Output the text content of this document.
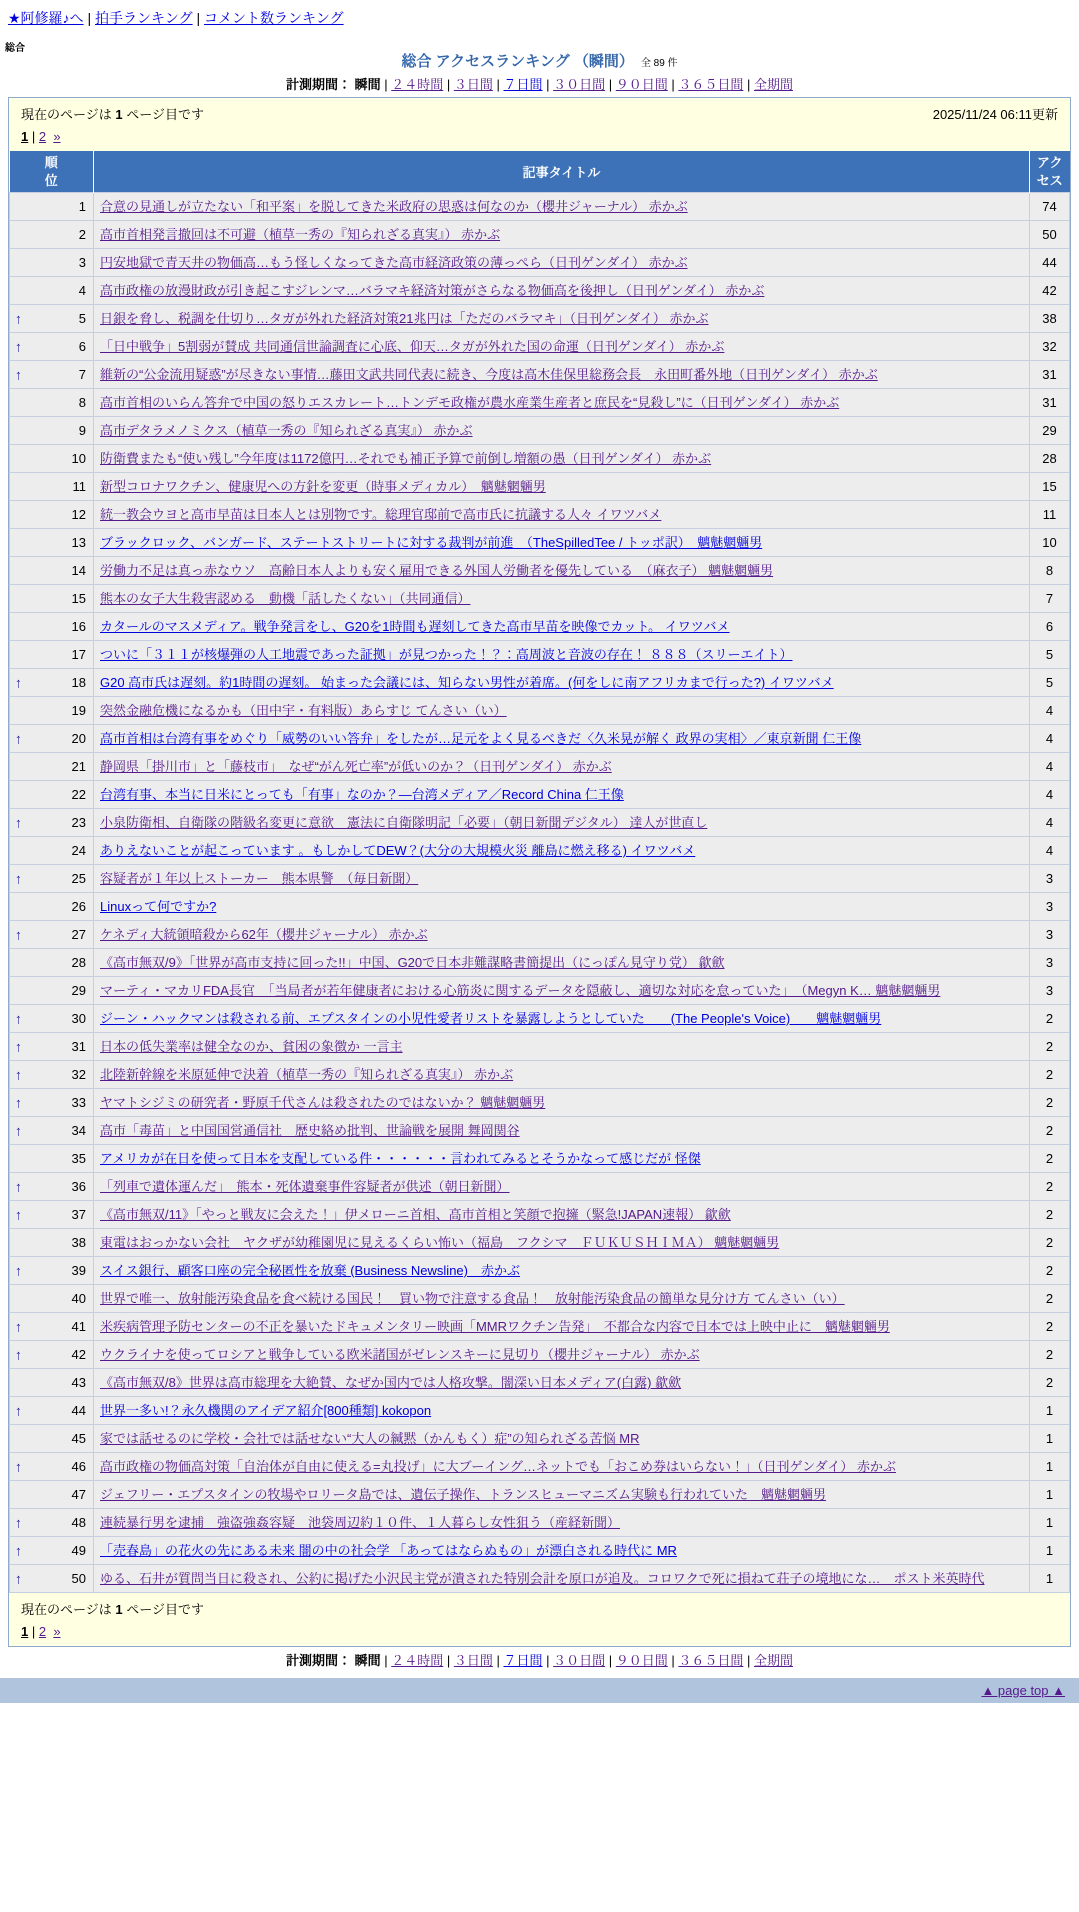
★阿修羅♪へ | 拍手ランキング | コメント数ランキング
総合
総合 アクセスランキング （瞬間） 全 89 件
計測期間： 瞬間 | ２４時間 | ３日間 | ７日間 | ３０日間 | ９０日間 | ３６５日間 | 全期間
現在のページは 1 ページ目です	2025/11/24 06:11更新
1 | 2 »
順位	記事タイトル	アクセス
1	合意の見通しが立たない「和平案」を脱してきた米政府の思惑は何なのか（櫻井ジャーナル） 赤かぶ	74
2	高市首相発言撤回は不可避（植草一秀の『知られざる真実』） 赤かぶ	50
3	円安地獄で青天井の物価高…もう怪しくなってきた高市経済政策の薄っぺら（日刊ゲンダイ） 赤かぶ	44
4	高市政権の放漫財政が引き起こすジレンマ…バラマキ経済対策がさらなる物価高を後押し（日刊ゲンダイ） 赤かぶ	42

↑ 5	日銀を脅し、税調を仕切り…タガが外れた経済対策21兆円は「ただのバラマキ」（日刊ゲンダイ） 赤かぶ	38

↑ 6	「日中戦争」5割弱が賛成 共同通信世論調査に心底、仰天…タガが外れた国の命運（日刊ゲンダイ） 赤かぶ	32

↑ 7	維新の“公金流用疑惑”が尽きない事情…藤田文武共同代表に続き、今度は高木佳保里総務会長　永田町番外地（日刊ゲンダイ） 赤かぶ	31
8	高市首相のいらん答弁で中国の怒りエスカレート…トンデモ政権が農水産業生産者と庶民を“見殺し”に（日刊ゲンダイ） 赤かぶ	31
9	高市デタラメノミクス（植草一秀の『知られざる真実』） 赤かぶ	29
10	防衛費またも“使い残し”今年度は1172億円…それでも補正予算で前倒し増額の愚（日刊ゲンダイ） 赤かぶ	28
11	新型コロナワクチン、健康児への方針を変更（時事メディカル）　魑魅魍魎男	15
12	統一教会ウヨと高市早苗は日本人とは別物です。総理官邸前で高市氏に抗議する人々 イワツバメ	11
13	ブラックロック、バンガード、ステートストリートに対する裁判が前進　（TheSpilledTee / トッポ訳）　魑魅魍魎男	10
14	労働力不足は真っ赤なウソ　高齢日本人よりも安く雇用できる外国人労働者を優先している　（麻衣子） 魑魅魍魎男	8
15	熊本の女子大生殺害認める　動機「話したくない」（共同通信）	7
16	カタールのマスメディア。戦争発言をし、G20を1時間も遅刻してきた高市早苗を映像でカット。 イワツバメ	6
17	ついに「３１１が核爆弾の人工地震であった証拠」が見つかった！？：高周波と音波の存在！ ８８８（スリーエイト）	5

↑ 18	G20 高市氏は遅刻。約1時間の遅刻。 始まった会議には、知らない男性が着席。(何をしに南アフリカまで行った?) イワツバメ	5
19	突然金融危機になるかも（田中宇・有料版）あらすじ てんさい（い）	4

↑ 20	高市首相は台湾有事をめぐり「威勢のいい答弁」をしたが…足元をよく見るべきだ〈久米晃が解く 政界の実相〉／東京新聞 仁王像	4
21	静岡県「掛川市」と「藤枝市」　なぜ“がん死亡率”が低いのか？（日刊ゲンダイ） 赤かぶ	4
22	台湾有事、本当に日米にとっても「有事」なのか？―台湾メディア／Record China 仁王像	4

↑ 23	小泉防衛相、自衛隊の階級名変更に意欲　憲法に自衛隊明記「必要」（朝日新聞デジタル） 達人が世直し	4
24	ありえないことが起こっています 。もしかしてDEW？(大分の大規模火災 離島に燃え移る) イワツバメ	4

↑ 25	容疑者が１年以上ストーカー　熊本県警　（毎日新聞）	3
26	Linuxって何ですか?	3

↑ 27	ケネディ大統領暗殺から62年（櫻井ジャーナル） 赤かぶ	3
28	《高市無双/9》「世界が高市支持に回った!!」中国、G20で日本非難謀略書簡提出（にっぽん見守り党） 歙歛	3
29	マーティ・マカリFDA長官　「当局者が若年健康者における心筋炎に関するデータを隠蔽し、適切な対応を怠っていた」　（Megyn K… 魑魅魍魎男	3

↑ 30	ジーン・ハックマンは殺される前、エプスタインの小児性愛者リストを暴露しようとしていた　　(The People's Voice)　　魑魅魍魎男	2

↑ 31	日本の低失業率は健全なのか、貧困の象徴か 一言主	2

↑ 32	北陸新幹線を米原延伸で決着（植草一秀の『知られざる真実』） 赤かぶ	2

↑ 33	ヤマトシジミの研究者・野原千代さんは殺されたのではないか？ 魑魅魍魎男	2

↑ 34	高市「毒苗」と中国国営通信社　歴史絡め批判、世論戦を展開 舞岡関谷	2
35	アメリカが在日を使って日本を支配している件・・・・・・言われてみるとそうかなって感じだが 怪傑	2

↑ 36	「列車で遺体運んだ」　熊本・死体遺棄事件容疑者が供述（朝日新聞）	2

↑ 37	《高市無双/11》「やっと戦友に会えた！」伊メローニ首相、高市首相と笑顔で抱擁（緊急!JAPAN速報） 歙歛	2
38	東電はおっかない会社　ヤクザが幼稚園児に見えるくらい怖い（福島　フクシマ　ＦＵＫＵＳＨＩＭＡ） 魑魅魍魎男	2

↑ 39	スイス銀行、顧客口座の完全秘匿性を放棄 (Business Newsline)　赤かぶ	2
40	世界で唯一、放射能汚染食品を食べ続ける国民！　買い物で注意する食品！　放射能汚染食品の簡単な見分け方 てんさい（い）	2

↑ 41	米疾病管理予防センターの不正を暴いたドキュメンタリー映画「MMRワクチン告発」　不都合な内容で日本では上映中止に　魑魅魍魎男	2

↑ 42	ウクライナを使ってロシアと戦争している欧米諸国がゼレンスキーに見切り（櫻井ジャーナル） 赤かぶ	2
43	《高市無双/8》世界は高市総理を大絶賛、なぜか国内では人格攻撃。闇深い日本メディア(白露) 歙歛	2

↑ 44	世界一多い!？永久機関のアイデア紹介[800種類] kokopon	1
45	家では話せるのに学校・会社では話せない“大人の緘黙（かんもく）症”の知られざる苦悩 MR	1

↑ 46	高市政権の物価高対策「自治体が自由に使える=丸投げ」に大ブーイング…ネットでも「おこめ券はいらない！」（日刊ゲンダイ） 赤かぶ	1
47	ジェフリー・エプスタインの牧場やロリータ島では、遺伝子操作、トランスヒューマニズム実験も行われていた　魑魅魍魎男	1

↑ 48	連続暴行男を逮捕　強盗強姦容疑　池袋周辺約１０件、１人暮らし女性狙う（産経新聞）	1

↑ 49	「売春島」の花火の先にある未来 闇の中の社会学 「あってはならぬもの」が漂白される時代に MR	1

↑ 50	ゆる、石井が質問当日に殺され、公約に掲げた小沢民主党が潰された特別会計を原口が追及。コロワクで死に損ねて荘子の境地にな…　ポスト米英時代	1
現在のページは 1 ページ目です
1 | 2 »
計測期間： 瞬間 | ２４時間 | ３日間 | ７日間 | ３０日間 | ９０日間 | ３６５日間 | 全期間
▲ page top ▲
